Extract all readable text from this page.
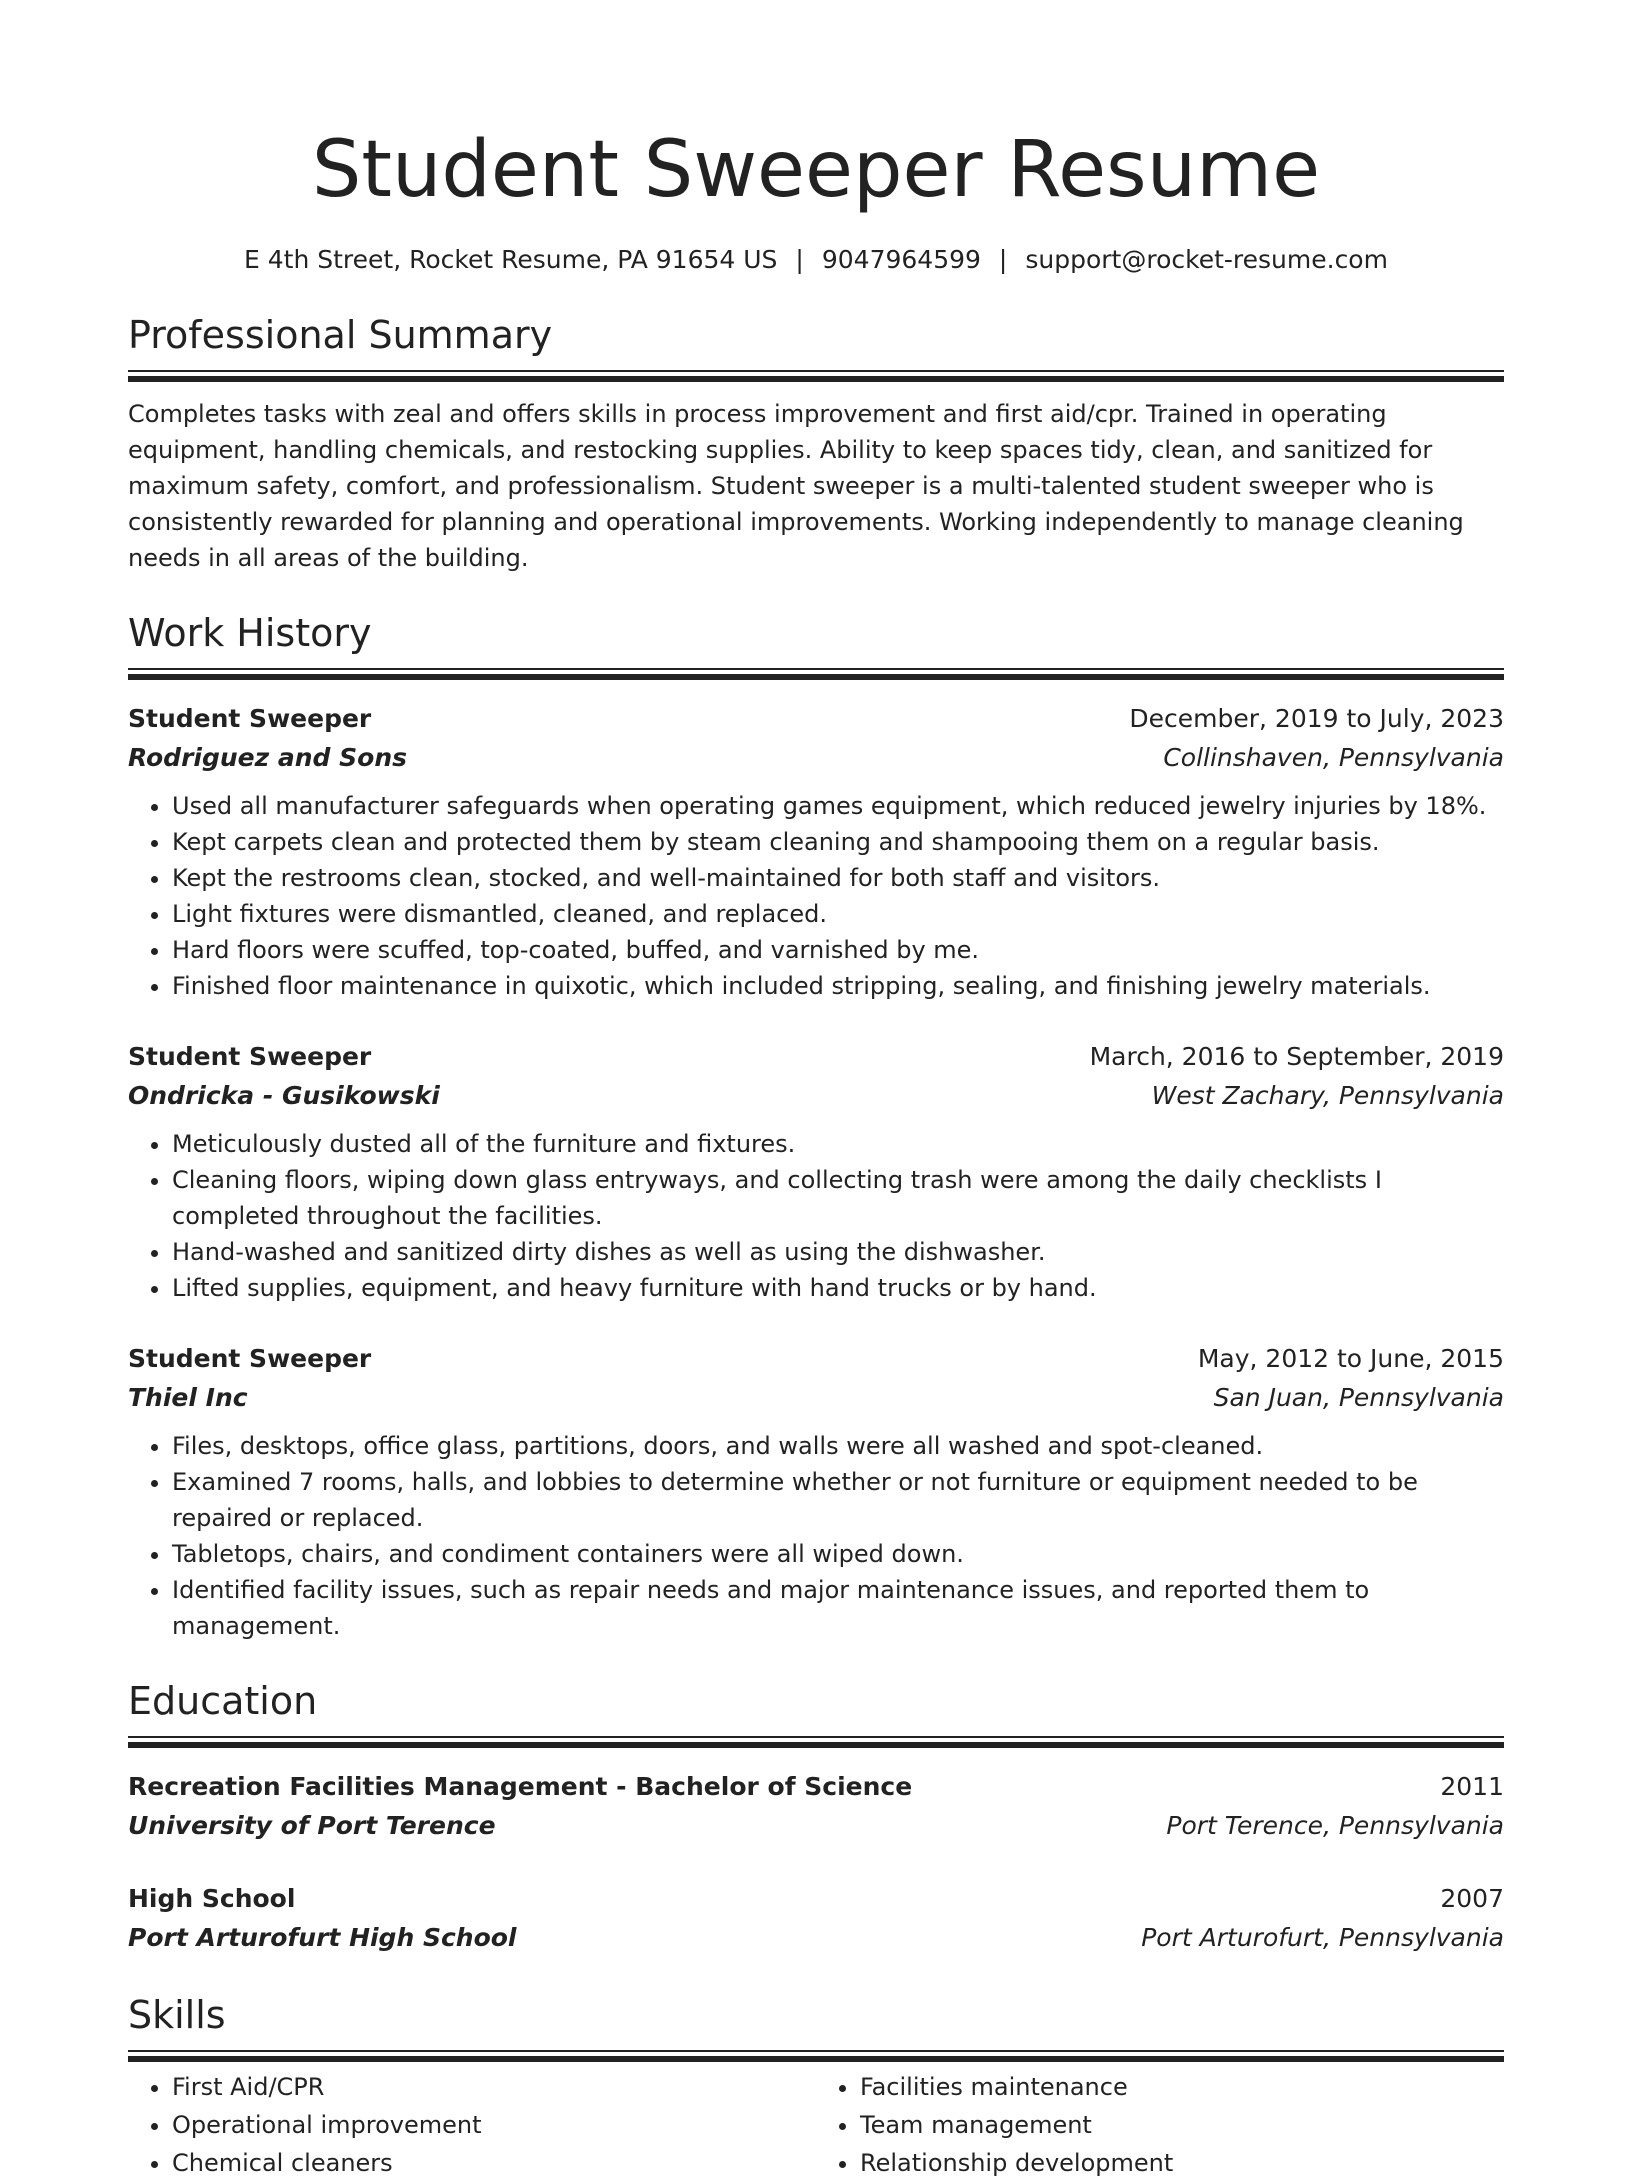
Student Sweeper Resume
E 4th Street, Rocket Resume, PA 91654 US | 9047964599 | support@rocket-resume.com
Professional Summary
Completes tasks with zeal and offers skills in process improvement and first aid/cpr. Trained in operating equipment, handling chemicals, and restocking supplies. Ability to keep spaces tidy, clean, and sanitized for maximum safety, comfort, and professionalism. Student sweeper is a multi-talented student sweeper who is consistently rewarded for planning and operational improvements. Working independently to manage cleaning needs in all areas of the building.
Work History
Student Sweeper	December, 2019 to July, 2023
Rodriguez and Sons	Collinshaven, Pennsylvania
• Used all manufacturer safeguards when operating games equipment, which reduced jewelry injuries by 18%.
• Kept carpets clean and protected them by steam cleaning and shampooing them on a regular basis.
• Kept the restrooms clean, stocked, and well-maintained for both staff and visitors.
• Light fixtures were dismantled, cleaned, and replaced.
• Hard floors were scuffed, top-coated, buffed, and varnished by me.
• Finished floor maintenance in quixotic, which included stripping, sealing, and finishing jewelry materials.
Student Sweeper	March, 2016 to September, 2019
Ondricka - Gusikowski	West Zachary, Pennsylvania
• Meticulously dusted all of the furniture and fixtures.
• Cleaning floors, wiping down glass entryways, and collecting trash were among the daily checklists I completed throughout the facilities.
• Hand-washed and sanitized dirty dishes as well as using the dishwasher.
• Lifted supplies, equipment, and heavy furniture with hand trucks or by hand.
Student Sweeper	May, 2012 to June, 2015
Thiel Inc	San Juan, Pennsylvania
• Files, desktops, office glass, partitions, doors, and walls were all washed and spot-cleaned.
• Examined 7 rooms, halls, and lobbies to determine whether or not furniture or equipment needed to be repaired or replaced.
• Tabletops, chairs, and condiment containers were all wiped down.
• Identified facility issues, such as repair needs and major maintenance issues, and reported them to management.
Education
Recreation Facilities Management - Bachelor of Science	2011
University of Port Terence	Port Terence, Pennsylvania
High School	2007
Port Arturofurt High School	Port Arturofurt, Pennsylvania
Skills
• First Aid/CPR
• Operational improvement
• Chemical cleaners
• Facilities maintenance
• Team management
• Relationship development
